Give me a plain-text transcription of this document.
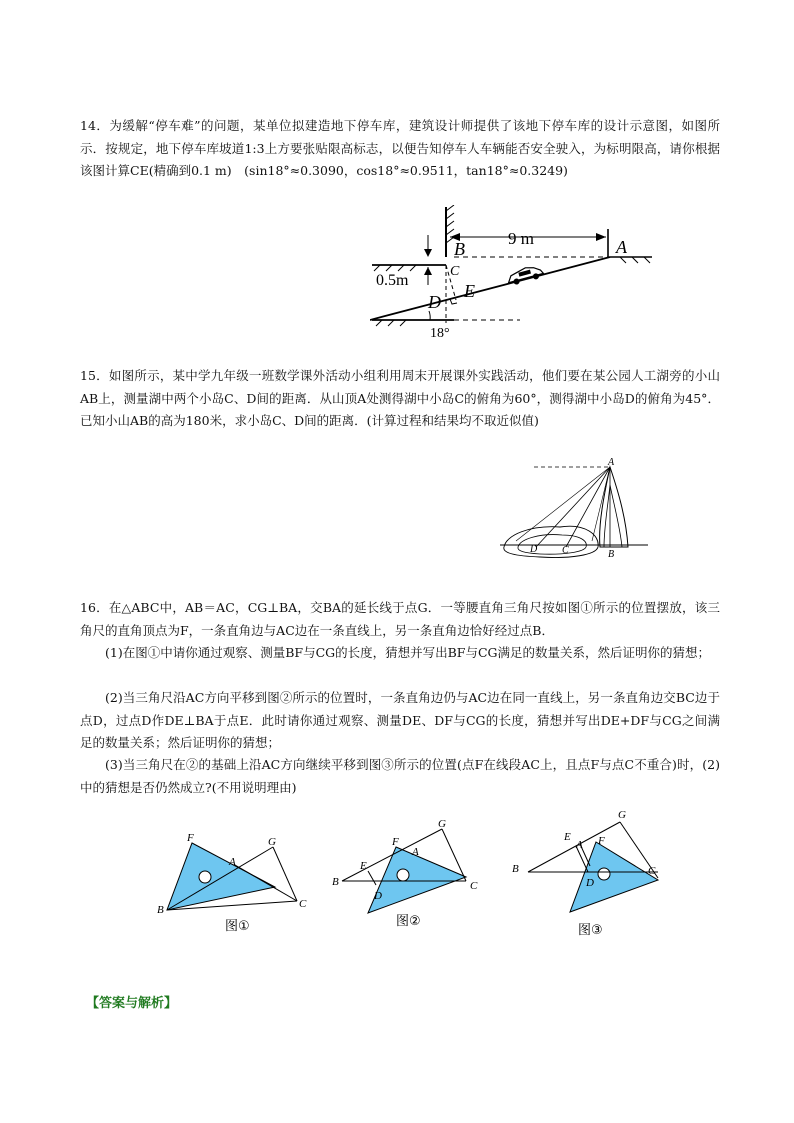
14．为缓解“停车难”的问题，某单位拟建造地下停车库，建筑设计师提供了该地下停车库的设计示意图，如图所示．按规定，地下停车库坡道1:3上方要张贴限高标志，以便告知停车人车辆能否安全驶入，为标明限高，请你根据该图计算CE(精确到0.1 m)　(sin18°≈0.3090，cos18°≈0.9511，tan18°≈0.3249)

9 m
0.5m
18°
B	A
C
D
E

15．如图所示，某中学九年级一班数学课外活动小组利用周末开展课外实践活动，他们要在某公园人工湖旁的小山AB上，测量湖中两个小岛C、D间的距离．从山顶A处测得湖中小岛C的俯角为60°，测得湖中小岛D的俯角为45°．已知小山AB的高为180米，求小岛C、D间的距离．(计算过程和结果均不取近似值)

A
B
C
D

16．在△ABC中，AB＝AC，CG⊥BA，交BA的延长线于点G．一等腰直角三角尺按如图①所示的位置摆放，该三角尺的直角顶点为F，一条直角边与AC边在一条直线上，另一条直角边恰好经过点B．

(1)在图①中请你通过观察、测量BF与CG的长度，猜想并写出BF与CG满足的数量关系，然后证明你的猜想；

(2)当三角尺沿AC方向平移到图②所示的位置时，一条直角边仍与AC边在同一直线上，另一条直角边交BC边于点D，过点D作DE⊥BA于点E．此时请你通过观察、测量DE、DF与CG的长度，猜想并写出DE+DF与CG之间满足的数量关系；然后证明你的猜想；

(3)当三角尺在②的基础上沿AC方向继续平移到图③所示的位置(点F在线段AC上，且点F与点C不重合)时，(2)中的猜想是否仍然成立?(不用说明理由)

F	G
A
B	C
图①
F
G
A
E
B
D
C
图②
G
E
A F
B
D
C
图③
【答案与解析】
